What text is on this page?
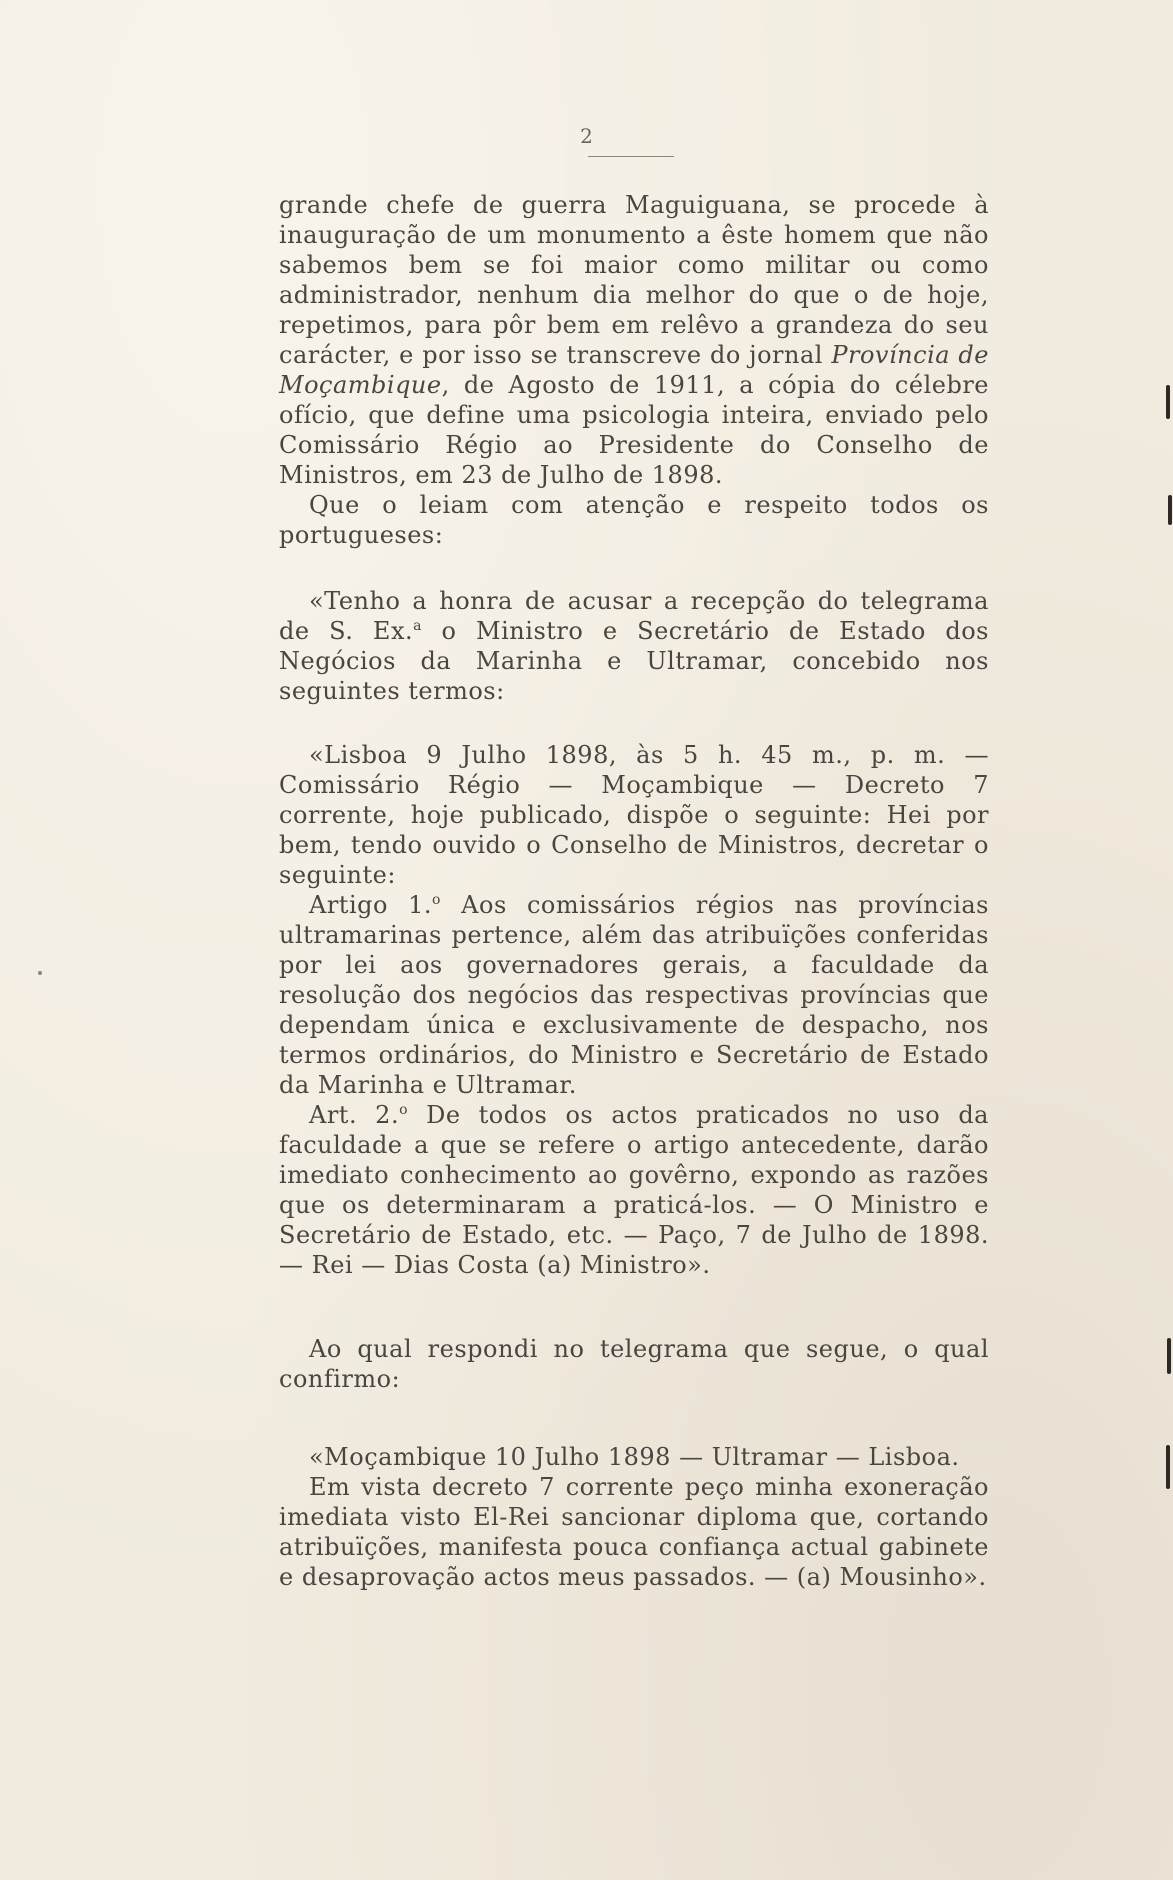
2

grande chefe de guerra Maguiguana, se procede à inauguração de um monumento a êste homem que não sabemos bem se foi maior como militar ou como administrador, nenhum dia melhor do que o de hoje, repetimos, para pôr bem em relêvo a grandeza do seu carácter, e por isso se transcreve do jornal Província de Moçambique, de Agosto de 1911, a cópia do célebre ofício, que define uma psicologia inteira, enviado pelo Comissário Régio ao Presidente do Conselho de Ministros, em 23 de Julho de 1898.

Que o leiam com atenção e respeito todos os portugueses:

«Tenho a honra de acusar a recepção do telegrama de S. Ex.$^a$ o Ministro e Secretário de Estado dos Negócios da Marinha e Ultramar, concebido nos seguintes termos:

«Lisboa 9 Julho 1898, às 5 h. 45 m., p. m. — Comissário Régio — Moçambique — Decreto 7 corrente, hoje publicado, dispõe o seguinte: Hei por bem, tendo ouvido o Conselho de Ministros, decretar o seguinte:

Artigo 1.$^o$ Aos comissários régios nas províncias ultramarinas pertence, além das atribuïções conferidas por lei aos governadores gerais, a faculdade da resolução dos negócios das respectivas províncias que dependam única e exclusivamente de despacho, nos termos ordinários, do Ministro e Secretário de Estado da Marinha e Ultramar.

Art. 2.$^o$ De todos os actos praticados no uso da faculdade a que se refere o artigo antecedente, darão imediato conhecimento ao govêrno, expondo as razões que os determinaram a praticá-los. — O Ministro e Secretário de Estado, etc. — Paço, 7 de Julho de 1898. — Rei — Dias Costa (a) Ministro».

Ao qual respondi no telegrama que segue, o qual confirmo:

«Moçambique 10 Julho 1898 — Ultramar — Lisboa.

Em vista decreto 7 corrente peço minha exoneração imediata visto El-Rei sancionar diploma que, cortando atribuïções, manifesta pouca confiança actual gabinete e desaprovação actos meus passados. — (a) Mousinho».
